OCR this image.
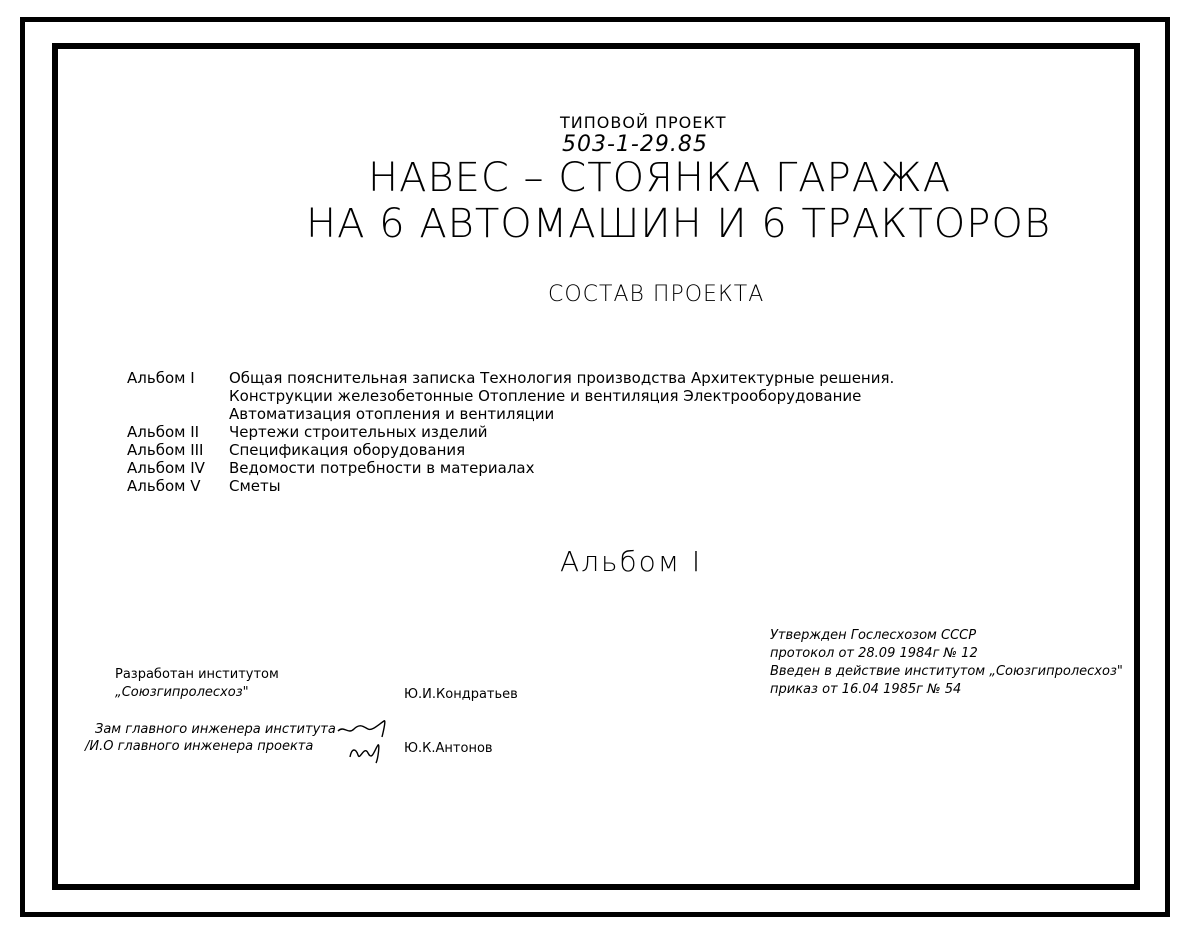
ТИПОВОЙ ПРОЕКТ
503-1-29.85
НАВЕС – СТОЯНКА ГАРАЖА
НА 6 АВТОМАШИН И 6 ТРАКТОРОВ
СОСТАВ ПРОЕКТА
Альбом I Общая пояснительная записка Технология производства Архитектурные решения.
Конструкции железобетонные Отопление и вентиляция Электрооборудование
Автоматизация отопления и вентиляции
Альбом II Чертежи строительных изделий
Альбом III Спецификация оборудования
Альбом IV Ведомости потребности в материалах
Альбом V Сметы
Альбом I
Утвержден Гослесхозом СССР
протокол от 28.09 1984г № 12
Введен в действие институтом „Союзгипролесхоз"
приказ от 16.04 1985г № 54
Разработан институтом
„Союзгипролесхоз"	Ю.И.Кондратьев
Зам главного инженера института
/И.О главного инженера проекта	Ю.К.Антонов
